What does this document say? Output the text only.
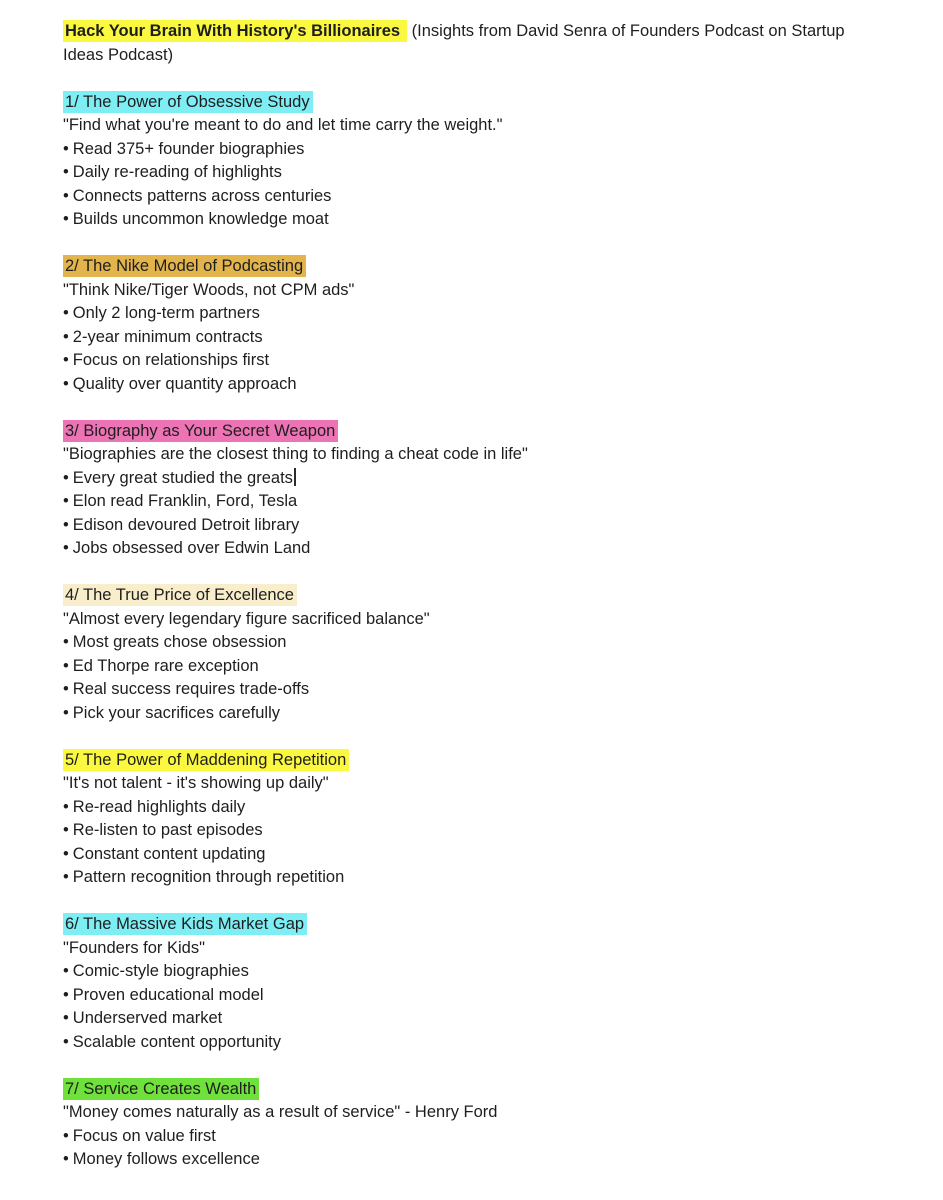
Hack Your Brain With History's Billionaires (Insights from David Senra of Founders Podcast on Startup Ideas Podcast)
1/ The Power of Obsessive Study
"Find what you're meant to do and let time carry the weight."
• Read 375+ founder biographies
• Daily re-reading of highlights
• Connects patterns across centuries
• Builds uncommon knowledge moat
2/ The Nike Model of Podcasting
"Think Nike/Tiger Woods, not CPM ads"
• Only 2 long-term partners
• 2-year minimum contracts
• Focus on relationships first
• Quality over quantity approach
3/ Biography as Your Secret Weapon
"Biographies are the closest thing to finding a cheat code in life"
• Every great studied the greats
• Elon read Franklin, Ford, Tesla
• Edison devoured Detroit library
• Jobs obsessed over Edwin Land
4/ The True Price of Excellence
"Almost every legendary figure sacrificed balance"
• Most greats chose obsession
• Ed Thorpe rare exception
• Real success requires trade-offs
• Pick your sacrifices carefully
5/ The Power of Maddening Repetition
"It's not talent - it's showing up daily"
• Re-read highlights daily
• Re-listen to past episodes
• Constant content updating
• Pattern recognition through repetition
6/ The Massive Kids Market Gap
"Founders for Kids"
• Comic-style biographies
• Proven educational model
• Underserved market
• Scalable content opportunity
7/ Service Creates Wealth
"Money comes naturally as a result of service" - Henry Ford
• Focus on value first
• Money follows excellence
